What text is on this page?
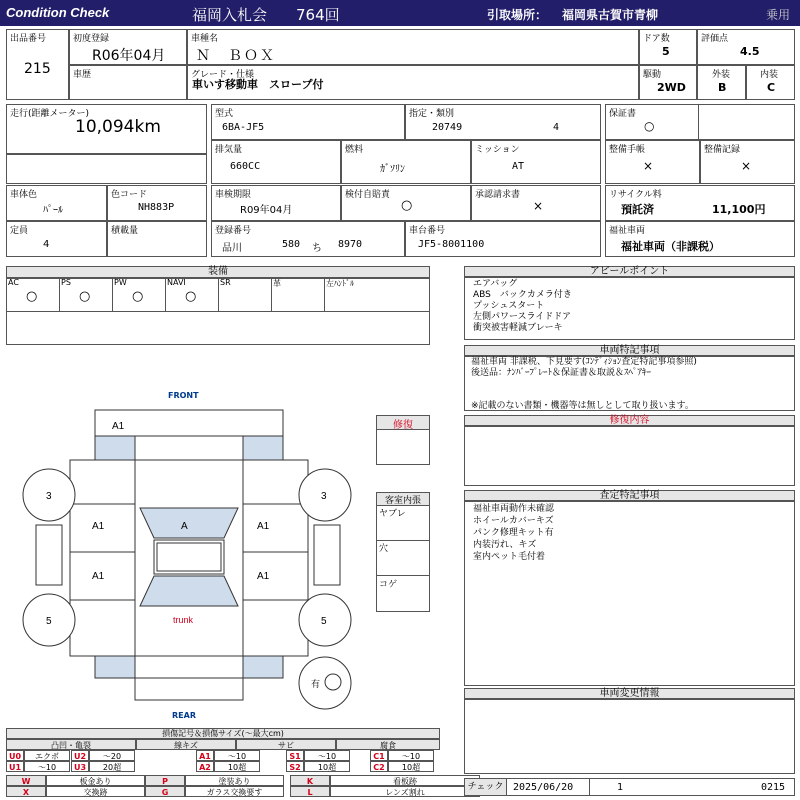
Condition Check	福岡入札会 764回	引取場所： 福岡県古賀市青柳	乗用
出品番号
215
初度登録
R06年04月
車歴
車種名
Ｎ　ＢＯＸ
グレード・仕様
車いす移動車　スロープ付
ドア数
5
評価点
4.5
駆動
2WD
外装
B
内装
C
走行(距離メーター)
10,094km
型式
6BA-JF5
指定・類別
20749	4
保証書
○
排気量
660CC
燃料
ｶﾞｿﾘﾝ
ミッション
AT
整備手帳
×
整備記録
×
車体色
ﾊﾟｰﾙ
色コード
NH883P
車検期限
R09年04月
検付自賠責
○
承認請求書
×
リサイクル料
預託済	11,100円
定員
4
積載量	登録番号
品川	580 ち 8970
車台番号
JF5-8001100
福祉車両
福祉車両（非課税）
装備
AC
○
PS
○
PW
○
NAVI
○
SR	革	左ﾊﾝﾄﾞﾙ
FRONT
REAR
A1
A
A1
A1
A1
A1
3	3
5	5
有
trunk
修復
客室内張
ヤブレ
穴
コゲ
損傷記号＆損傷サイズ(～最大cm)
凸凹・亀裂	線キズ	サビ	腐食
U0	エクボ	U2	～20	A1	～10	S1	～10	C1	～10
U1	～10	U3	20超	A2	10超	S2	10超	C2	10超
W	板金あり	P	塗装あり	K	看板跡
X	交換跡	G	ガラス交換要す	L	レンズ割れ
アピールポイント
エアバッグ
ABS　バックカメラ付き
プッシュスタート
左側パワースライドドア
衝突被害軽減ブレーキ
車両特記事項
福祉車両 非課税、下見要す(ｺﾝﾃﾞｨｼｮﾝ査定特記事項参照)
後送品：ﾅﾝﾊﾞｰﾌﾟﾚｰﾄ＆保証書＆取説＆ｽﾍﾟｱｷｰ
※記載のない書類・機器等は無しとして取り扱います。
修復内容
査定特記事項
福祉車両動作未確認
ホイールカバーキズ
パンク修理キット有
内装汚れ、キズ
室内ペット毛付着
車両変更情報
チェック 2025/06/20	1	0215
